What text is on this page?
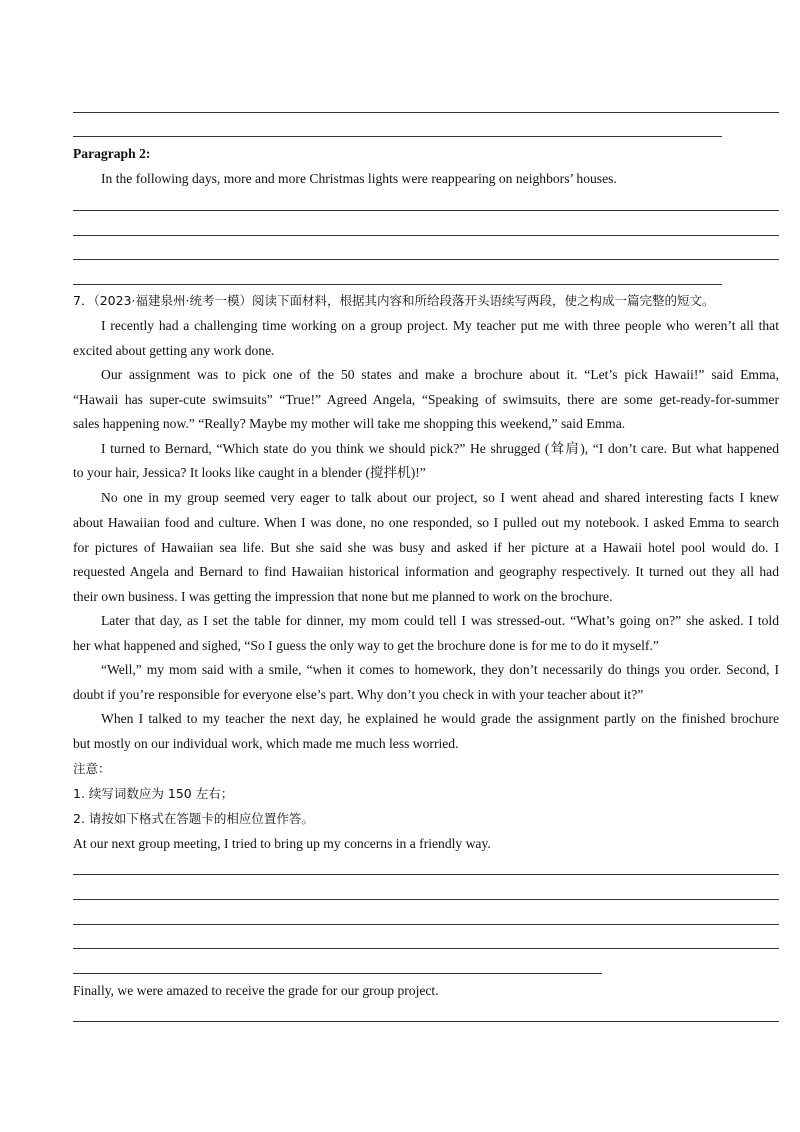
Paragraph 2:
In the following days, more and more Christmas lights were reappearing on neighbors’ houses.
7．（2023·福建泉州·统考一模）阅读下面材料，根据其内容和所给段落开头语续写两段，使之构成一篇完整的短文。
I recently had a challenging time working on a group project. My teacher put me with three people who weren’t all that
excited about getting any work done.
Our assignment was to pick one of the 50 states and make a brochure about it. “Let’s pick Hawaii!” said Emma,
“Hawaii has super-cute swimsuits” “True!” Agreed Angela, “Speaking of swimsuits, there are some get-ready-for-summer
sales happening now.” “Really? Maybe my mother will take me shopping this weekend,” said Emma.
I turned to Bernard, “Which state do you think we should pick?” He shrugged (耸肩), “I don’t care. But what happened
to your hair, Jessica? It looks like caught in a blender (搅拌机)!”
No one in my group seemed very eager to talk about our project, so I went ahead and shared interesting facts I knew
about Hawaiian food and culture. When I was done, no one responded, so I pulled out my notebook. I asked Emma to search
for pictures of Hawaiian sea life. But she said she was busy and asked if her picture at a Hawaii hotel pool would do. I
requested Angela and Bernard to find Hawaiian historical information and geography respectively. It turned out they all had
their own business. I was getting the impression that none but me planned to work on the brochure.
Later that day, as I set the table for dinner, my mom could tell I was stressed-out. “What’s going on?” she asked. I told
her what happened and sighed, “So I guess the only way to get the brochure done is for me to do it myself.”
“Well,” my mom said with a smile, “when it comes to homework, they don’t necessarily do things you order. Second, I
doubt if you’re responsible for everyone else’s part. Why don’t you check in with your teacher about it?”
When I talked to my teacher the next day, he explained he would grade the assignment partly on the finished brochure
but mostly on our individual work, which made me much less worried.
注意：
1. 续写词数应为 150 左右；
2. 请按如下格式在答题卡的相应位置作答。
At our next group meeting, I tried to bring up my concerns in a friendly way.
Finally, we were amazed to receive the grade for our group project.
